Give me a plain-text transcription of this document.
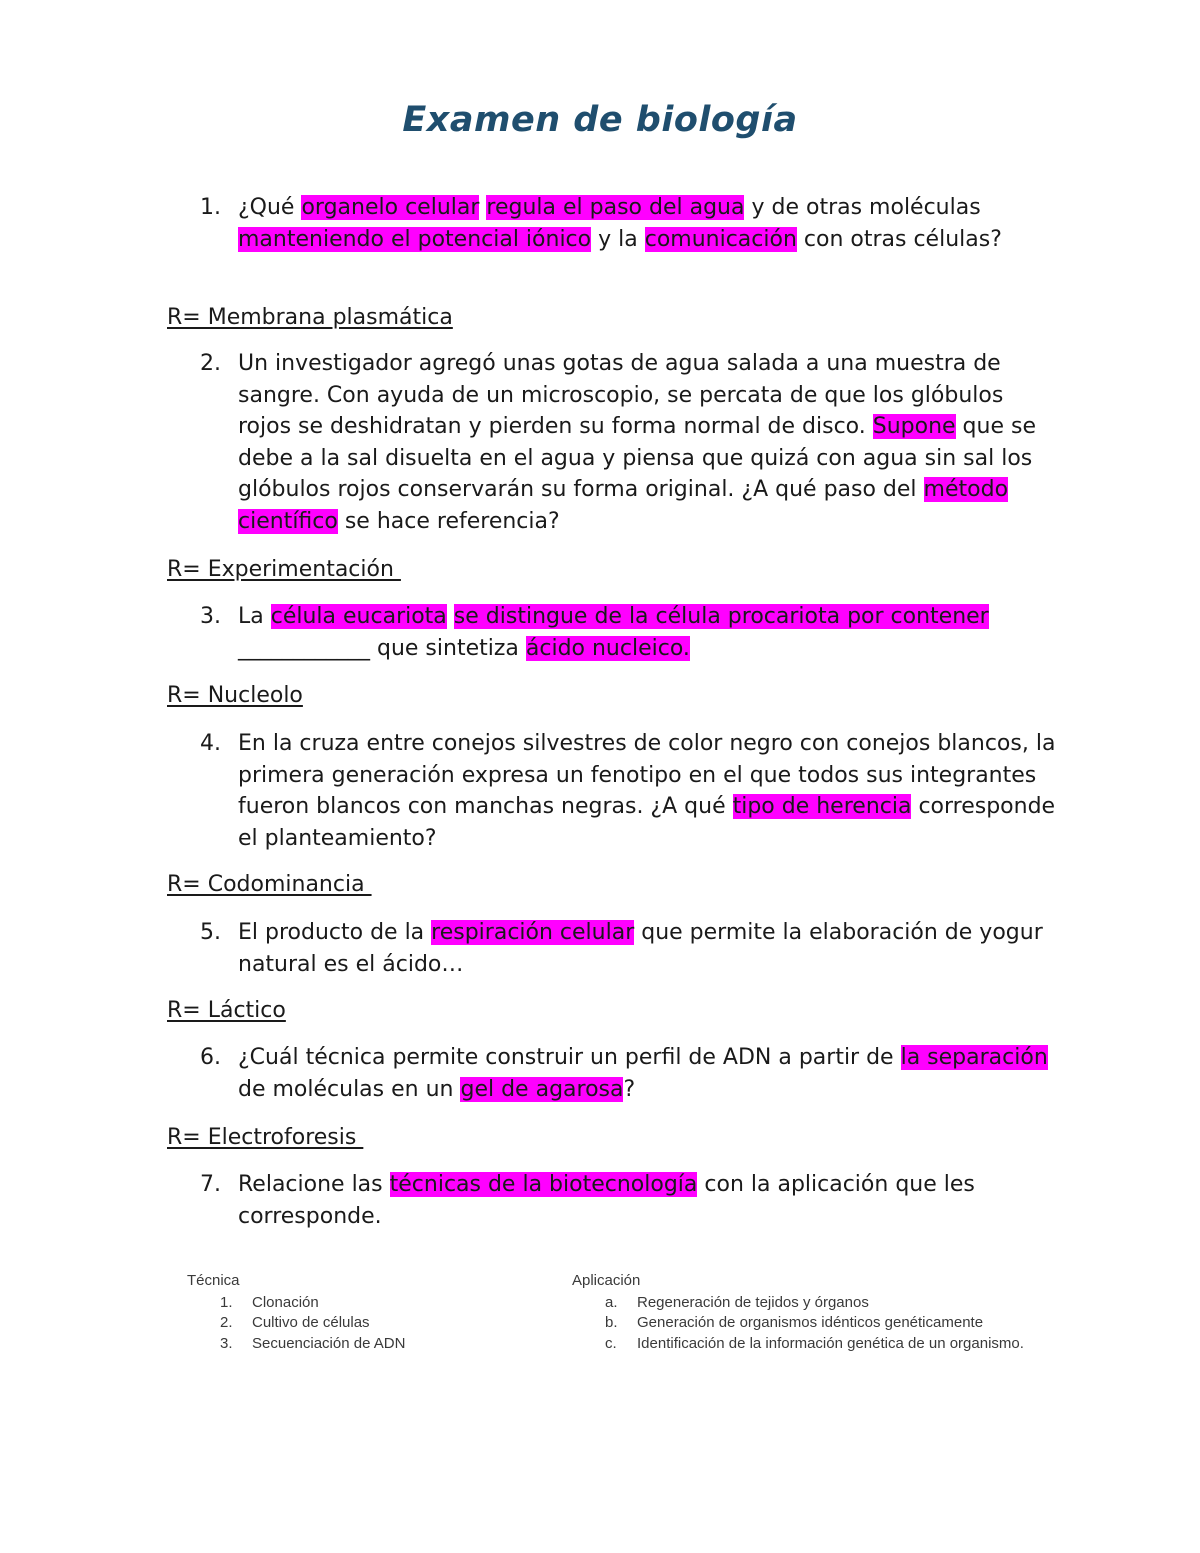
Examen de biología
1. ¿Qué organelo celular regula el paso del agua y de otras moléculas manteniendo el potencial iónico y la comunicación con otras células?
R= Membrana plasmática
2. Un investigador agregó unas gotas de agua salada a una muestra de sangre. Con ayuda de un microscopio, se percata de que los glóbulos rojos se deshidratan y pierden su forma normal de disco. Supone que se debe a la sal disuelta en el agua y piensa que quizá con agua sin sal los glóbulos rojos conservarán su forma original. ¿A qué paso del método científico se hace referencia?
R= Experimentación
3. La célula eucariota se distingue de la célula procariota por contener ____________ que sintetiza ácido nucleico.
R= Nucleolo
4. En la cruza entre conejos silvestres de color negro con conejos blancos, la primera generación expresa un fenotipo en el que todos sus integrantes fueron blancos con manchas negras. ¿A qué tipo de herencia corresponde el planteamiento?
R= Codominancia
5. El producto de la respiración celular que permite la elaboración de yogur natural es el ácido…
R= Láctico
6. ¿Cuál técnica permite construir un perfil de ADN a partir de la separación de moléculas en un gel de agarosa?
R= Electroforesis
7. Relacione las técnicas de la biotecnología con la aplicación que les corresponde.
Técnica
1. Clonación
2. Cultivo de células
3. Secuenciación de ADN
Aplicación
a. Regeneración de tejidos y órganos
b. Generación de organismos idénticos genéticamente
c. Identificación de la información genética de un organismo.
